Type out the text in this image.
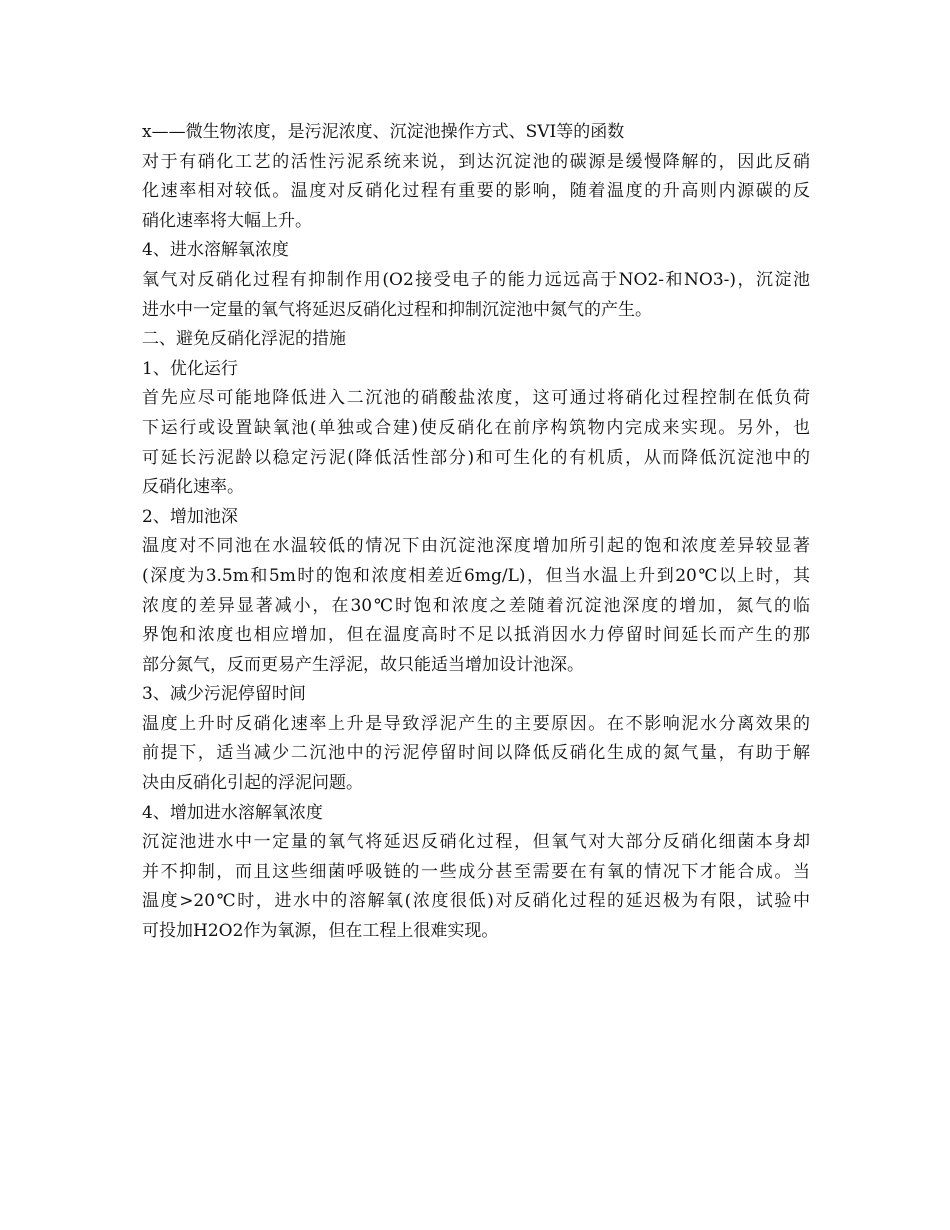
x——微生物浓度，是污泥浓度、沉淀池操作方式、SVI等的函数

对于有硝化工艺的活性污泥系统来说，到达沉淀池的碳源是缓慢降解的，因此反硝

化速率相对较低。温度对反硝化过程有重要的影响，随着温度的升高则内源碳的反

硝化速率将大幅上升。

4、进水溶解氧浓度

氧气对反硝化过程有抑制作用(O2接受电子的能力远远高于NO2-和NO3-)，沉淀池

进水中一定量的氧气将延迟反硝化过程和抑制沉淀池中氮气的产生。

二、避免反硝化浮泥的措施

1、优化运行

首先应尽可能地降低进入二沉池的硝酸盐浓度，这可通过将硝化过程控制在低负荷

下运行或设置缺氧池(单独或合建)使反硝化在前序构筑物内完成来实现。另外，也

可延长污泥龄以稳定污泥(降低活性部分)和可生化的有机质，从而降低沉淀池中的

反硝化速率。

2、增加池深

温度对不同池在水温较低的情况下由沉淀池深度增加所引起的饱和浓度差异较显著

(深度为3.5m和5m时的饱和浓度相差近6mg/L)，但当水温上升到20℃以上时，其

浓度的差异显著减小，在30℃时饱和浓度之差随着沉淀池深度的增加，氮气的临

界饱和浓度也相应增加，但在温度高时不足以抵消因水力停留时间延长而产生的那

部分氮气，反而更易产生浮泥，故只能适当增加设计池深。

3、减少污泥停留时间

温度上升时反硝化速率上升是导致浮泥产生的主要原因。在不影响泥水分离效果的

前提下，适当减少二沉池中的污泥停留时间以降低反硝化生成的氮气量，有助于解

决由反硝化引起的浮泥问题。

4、增加进水溶解氧浓度

沉淀池进水中一定量的氧气将延迟反硝化过程，但氧气对大部分反硝化细菌本身却

并不抑制，而且这些细菌呼吸链的一些成分甚至需要在有氧的情况下才能合成。当

温度>20℃时，进水中的溶解氧(浓度很低)对反硝化过程的延迟极为有限，试验中

可投加H2O2作为氧源，但在工程上很难实现。
